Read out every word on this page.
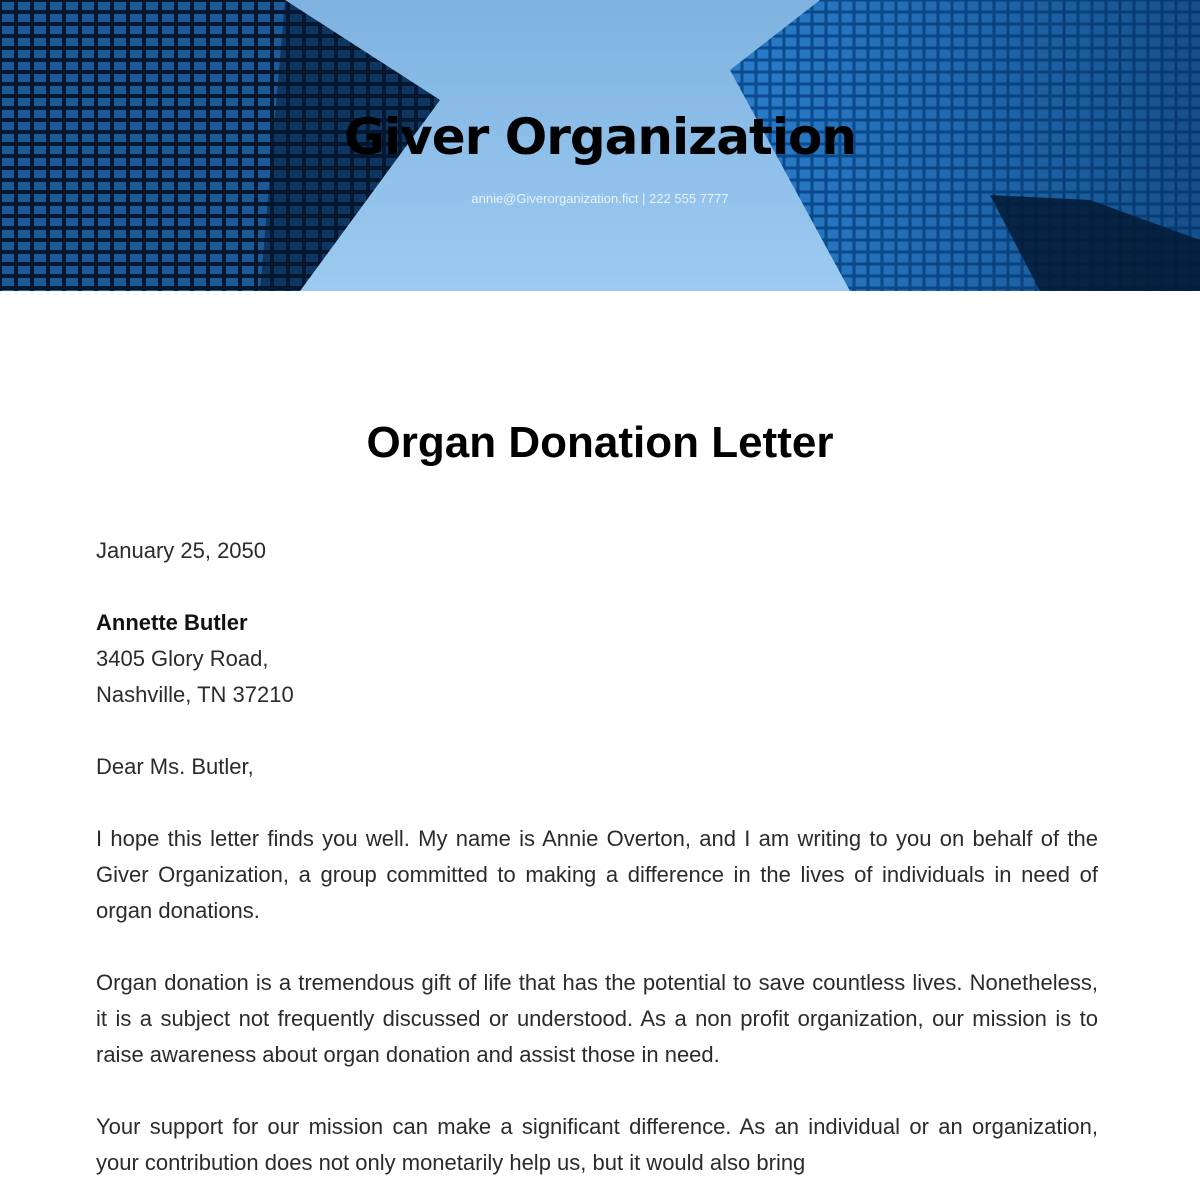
Giver Organization
annie@Giverorganization.fict | 222 555 7777
Organ Donation Letter
January 25, 2050
Annette Butler
3405 Glory Road,
Nashville, TN 37210
Dear Ms. Butler,

I hope this letter finds you well. My name is Annie Overton, and I am writing to you on behalf of the Giver Organization, a group committed to making a difference in the lives of individuals in need of organ donations.

Organ donation is a tremendous gift of life that has the potential to save countless lives. Nonetheless, it is a subject not frequently discussed or understood. As a non profit organization, our mission is to raise awareness about organ donation and assist those in need.

Your support for our mission can make a significant difference. As an individual or an organization, your contribution does not only monetarily help us, but it would also bring
